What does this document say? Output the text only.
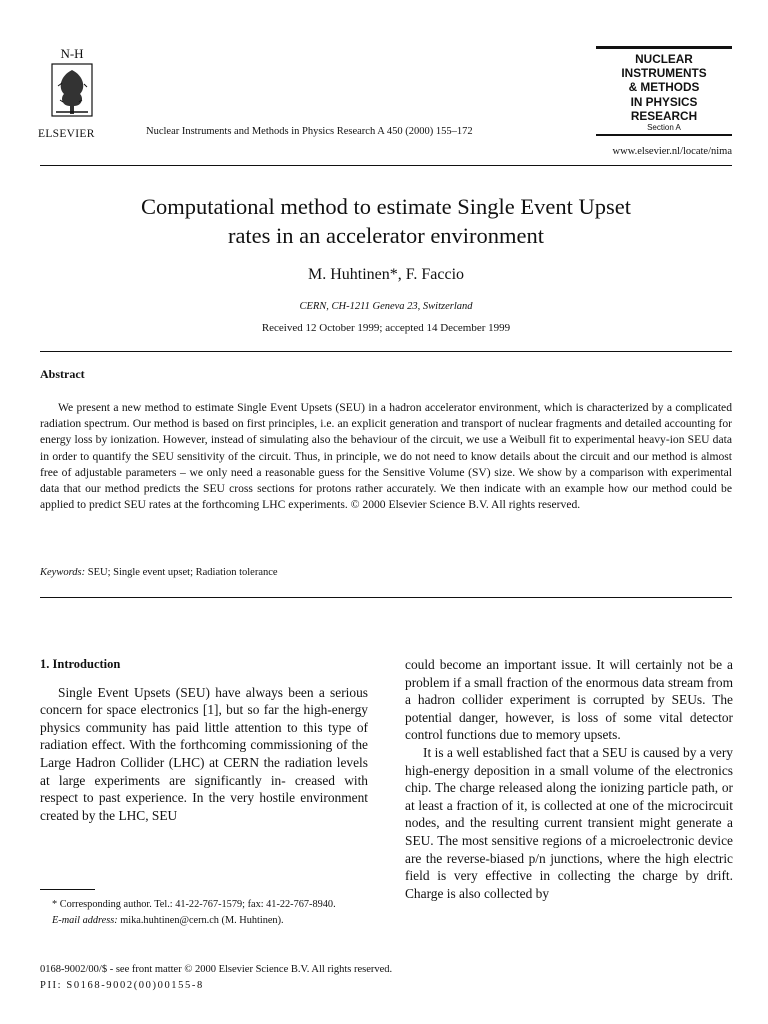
N-H
ELSEVIER	Nuclear Instruments and Methods in Physics Research A 450 (2000) 155–172
NUCLEAR
INSTRUMENTS
& METHODS
IN PHYSICS
RESEARCH
Section A
www.elsevier.nl/locate/nima
Computational method to estimate Single Event Upset
rates in an accelerator environment
M. Huhtinen*, F. Faccio
CERN, CH-1211 Geneva 23, Switzerland
Received 12 October 1999; accepted 14 December 1999
Abstract

We present a new method to estimate Single Event Upsets (SEU) in a hadron accelerator environment, which is characterized by a complicated radiation spectrum. Our method is based on first principles, i.e. an explicit generation and transport of nuclear fragments and detailed accounting for energy loss by ionization. However, instead of simulating also the behaviour of the circuit, we use a Weibull fit to experimental heavy-ion SEU data in order to quantify the SEU sensitivity of the circuit. Thus, in principle, we do not need to know details about the circuit and our method is almost free of adjustable parameters – we only need a reasonable guess for the Sensitive Volume (SV) size. We show by a comparison with experimental data that our method predicts the SEU cross sections for protons rather accurately. We then indicate with an example how our method could be applied to predict SEU rates at the forthcoming LHC experiments. © 2000 Elsevier Science B.V. All rights reserved.

Keywords: SEU; Single event upset; Radiation tolerance

1. Introduction

Single Event Upsets (SEU) have always been a serious concern for space electronics [1], but so far the high-energy physics community has paid little attention to this type of radiation effect. With the forthcoming commissioning of the Large Hadron Collider (LHC) at CERN the radiation levels at large experiments are significantly in- creased with respect to past experience. In the very hostile environment created by the LHC, SEU

could become an important issue. It will certainly not be a problem if a small fraction of the enormous data stream from a hadron collider experiment is corrupted by SEUs. The potential danger, however, is loss of some vital detector control functions due to memory upsets.

It is a well established fact that a SEU is caused by a very high-energy deposition in a small volume of the electronics chip. The charge released along the ionizing particle path, or at least a fraction of it, is collected at one of the microcircuit nodes, and the resulting current transient might generate a SEU. The most sensitive regions of a microelectronic device are the reverse-biased p/n junctions, where the high electric field is very effective in collecting the charge by drift. Charge is also collected by

* Corresponding author. Tel.: 41-22-767-1579; fax: 41-22-767-8940.
E-mail address: mika.huhtinen@cern.ch (M. Huhtinen).
0168-9002/00/$ - see front matter © 2000 Elsevier Science B.V. All rights reserved.
PII: S0168-9002(00)00155-8
